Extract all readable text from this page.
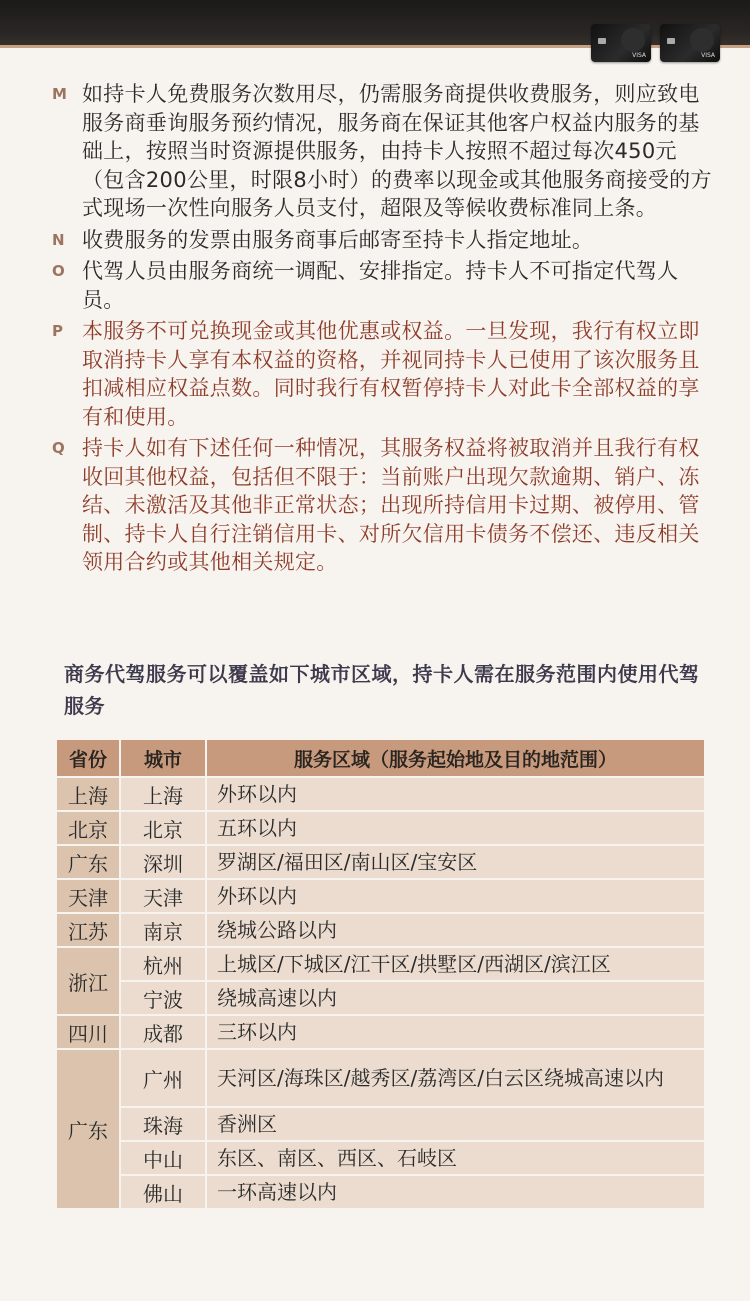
VISA	VISA
M 如持卡人免费服务次数用尽，仍需服务商提供收费服务，则应致电服务商垂询服务预约情况，服务商在保证其他客户权益内服务的基础上，按照当时资源提供服务，由持卡人按照不超过每次450元（包含200公里，时限8小时）的费率以现金或其他服务商接受的方式现场一次性向服务人员支付，超限及等候收费标准同上条。
N 收费服务的发票由服务商事后邮寄至持卡人指定地址。
O 代驾人员由服务商统一调配、安排指定。持卡人不可指定代驾人员。
P 本服务不可兑换现金或其他优惠或权益。一旦发现，我行有权立即取消持卡人享有本权益的资格，并视同持卡人已使用了该次服务且扣减相应权益点数。同时我行有权暂停持卡人对此卡全部权益的享有和使用。
Q 持卡人如有下述任何一种情况，其服务权益将被取消并且我行有权收回其他权益，包括但不限于：当前账户出现欠款逾期、销户、冻结、未激活及其他非正常状态；出现所持信用卡过期、被停用、管制、持卡人自行注销信用卡、对所欠信用卡债务不偿还、违反相关领用合约或其他相关规定。
商务代驾服务可以覆盖如下城市区域，持卡人需在服务范围内使用代驾服务
省份	城市	服务区域（服务起始地及目的地范围）
上海	上海	外环以内
北京	北京	五环以内
广东	深圳	罗湖区/福田区/南山区/宝安区
天津	天津	外环以内
江苏	南京	绕城公路以内
浙江	杭州	上城区/下城区/江干区/拱墅区/西湖区/滨江区
	宁波	绕城高速以内
四川	成都	三环以内
广东	广州	天河区/海珠区/越秀区/荔湾区/白云区绕城高速以内
	珠海	香洲区
	中山	东区、南区、西区、石岐区
	佛山	一环高速以内
